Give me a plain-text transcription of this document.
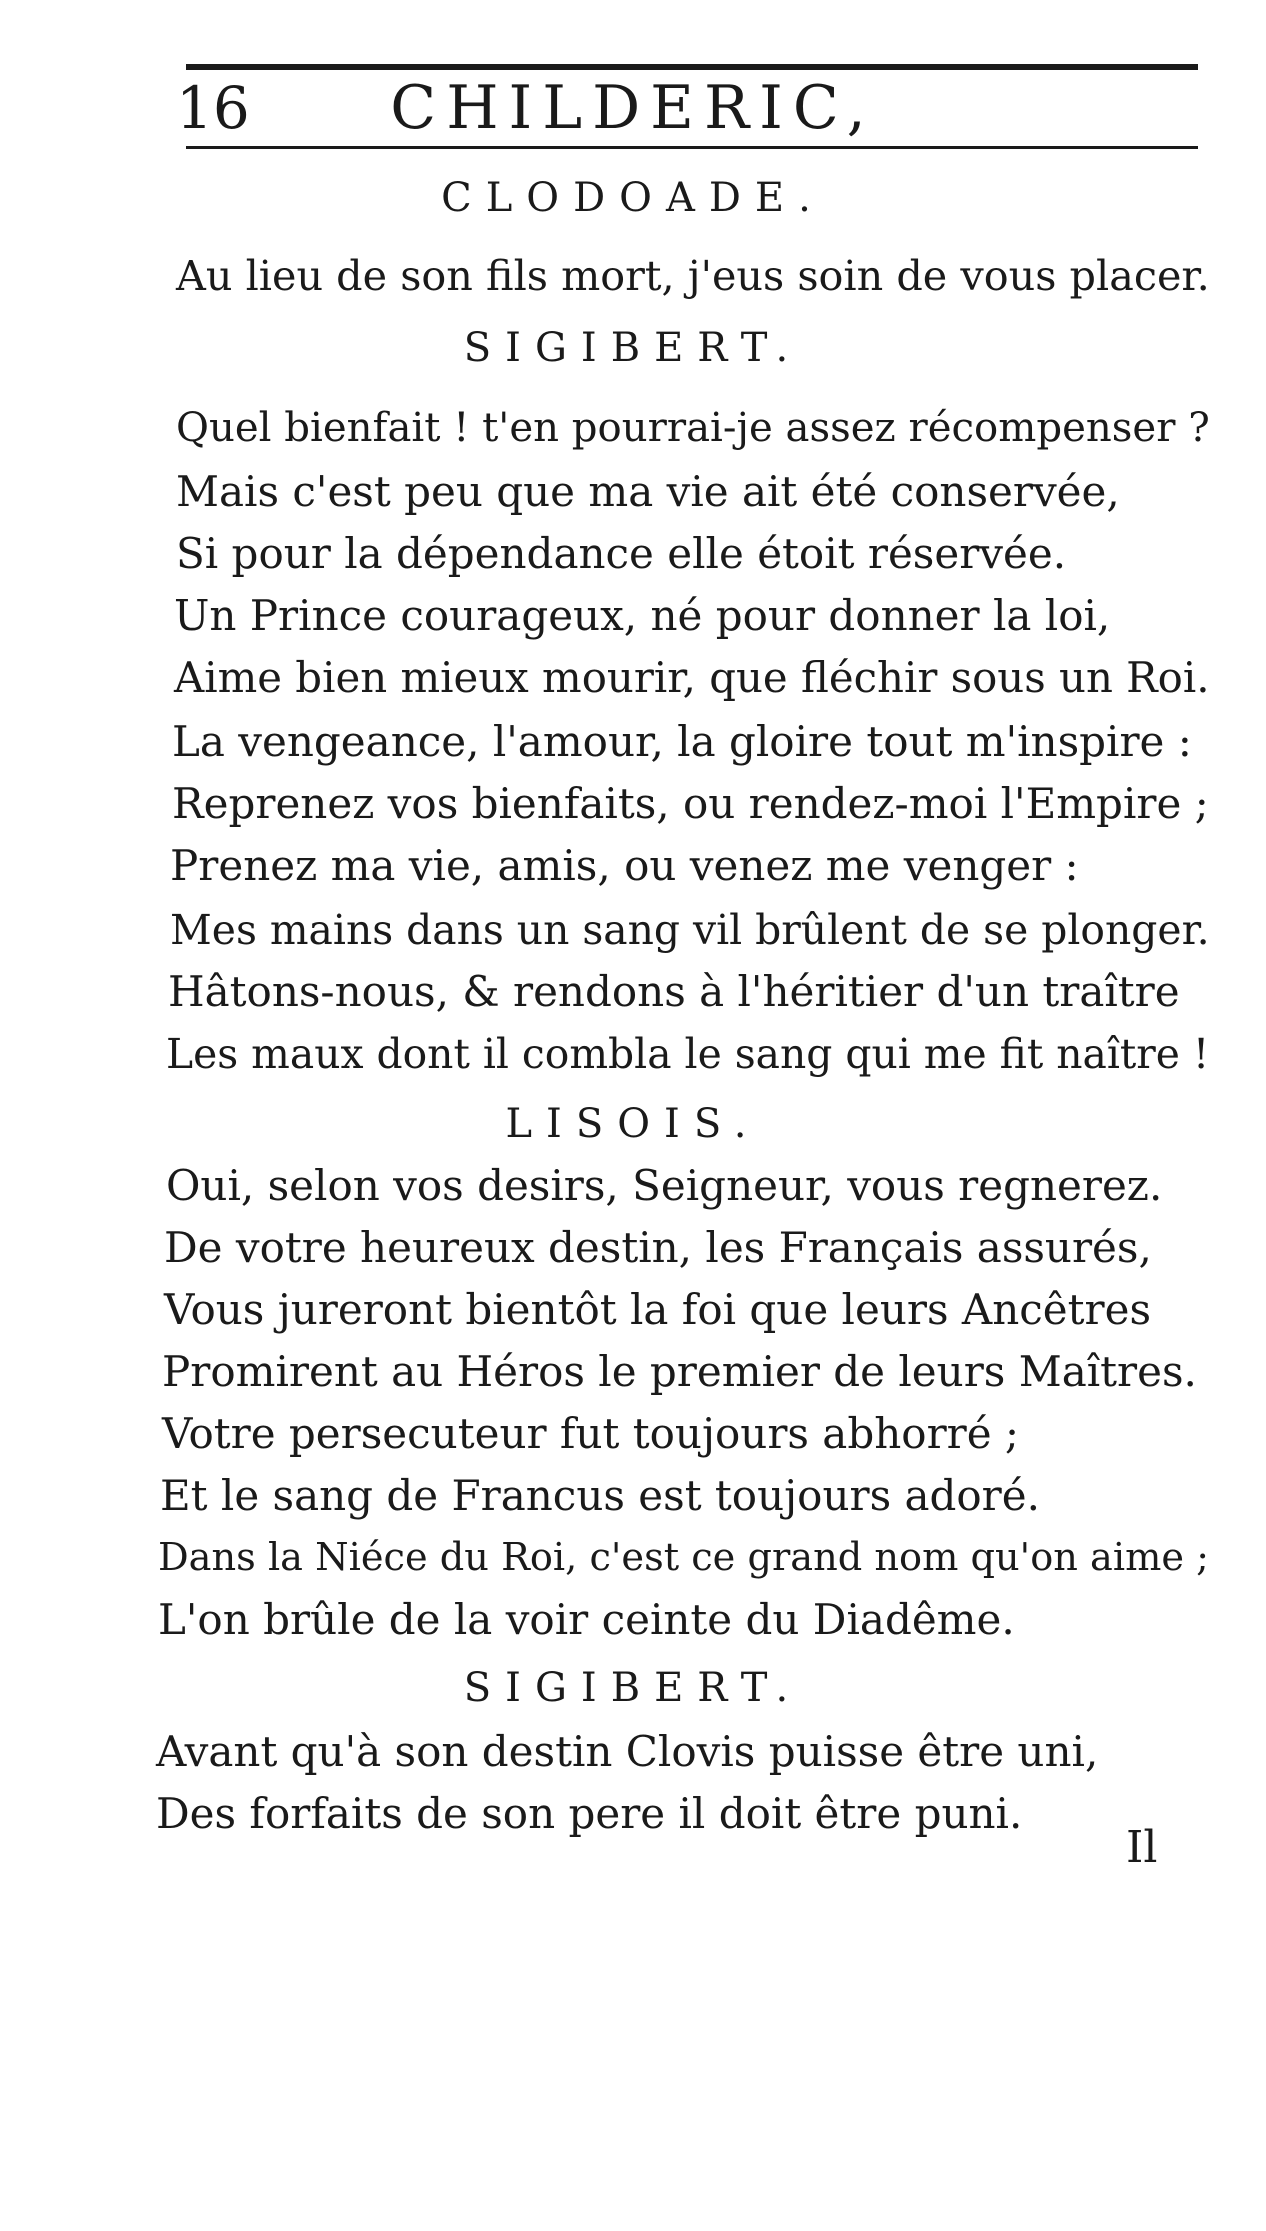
16	CHILDERIC,
CLODOADE.
Au lieu de son fils mort, j'eus soin de vous placer.
SIGIBERT.
Quel bienfait ! t'en pourrai-je assez récompenser ?
Mais c'est peu que ma vie ait été conservée,
Si pour la dépendance elle étoit réservée.
Un Prince courageux, né pour donner la loi,
Aime bien mieux mourir, que fléchir sous un Roi.
La vengeance, l'amour, la gloire tout m'inspire :
Reprenez vos bienfaits, ou rendez-moi l'Empire ;
Prenez ma vie, amis, ou venez me venger :
Mes mains dans un sang vil brûlent de se plonger.
Hâtons-nous, & rendons à l'héritier d'un traître
Les maux dont il combla le sang qui me fit naître !
LISOIS.
Oui, selon vos desirs, Seigneur, vous regnerez.
De votre heureux destin, les Français assurés,
Vous jureront bientôt la foi que leurs Ancêtres
Promirent au Héros le premier de leurs Maîtres.
Votre persecuteur fut toujours abhorré ;
Et le sang de Francus est toujours adoré.
Dans la Niéce du Roi, c'est ce grand nom qu'on aime ;
L'on brûle de la voir ceinte du Diadême.
SIGIBERT.
Avant qu'à son destin Clovis puisse être uni,
Des forfaits de son pere il doit être puni.
Il
